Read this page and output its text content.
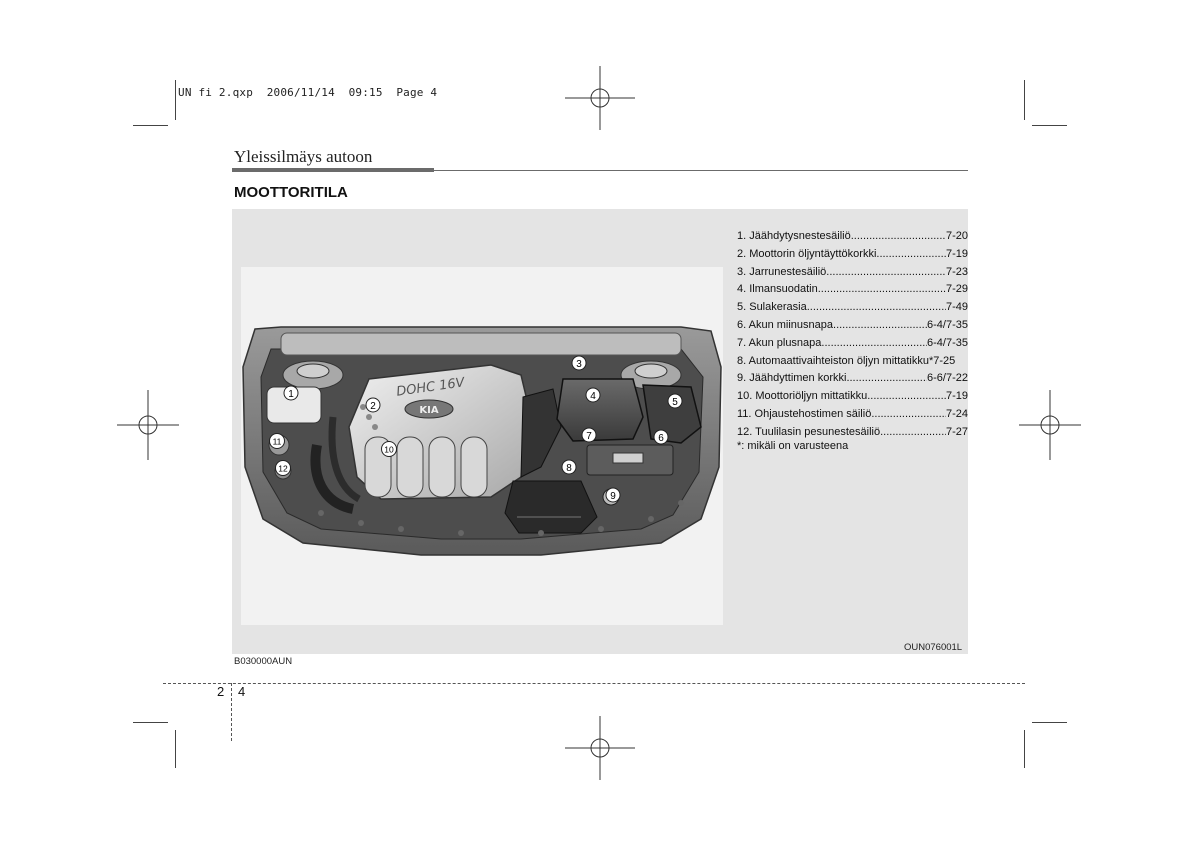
UN fi 2.qxp  2006/11/14  09:15  Page 4
Yleissilmäys autoon
MOOTTORITILA
DOHC 16V
KIA
1
2
3
4
5
6
7
8
9
10
11
12
1. Jäähdytysnestesäiliö .....	7-20
2. Moottorin öljyntäyttökorkki .....	7-19
3. Jarrunestesäiliö .....	7-23
4. Ilmansuodatin .....	7-29
5. Sulakerasia .....	7-49
6. Akun miinusnapa .....	6-4/7-35
7. Akun plusnapa .....	6-4/7-35
8. Automaattivaihteiston öljyn mittatikku* 7-25
9. Jäähdyttimen korkki .....	6-6/7-22
10. Moottoriöljyn mittatikku .....	7-19
11. Ohjaustehostimen säiliö .....	7-24
12. Tuulilasin pesunestesäiliö .....	7-27
*: mikäli on varusteena
OUN076001L
B030000AUN
2 4
